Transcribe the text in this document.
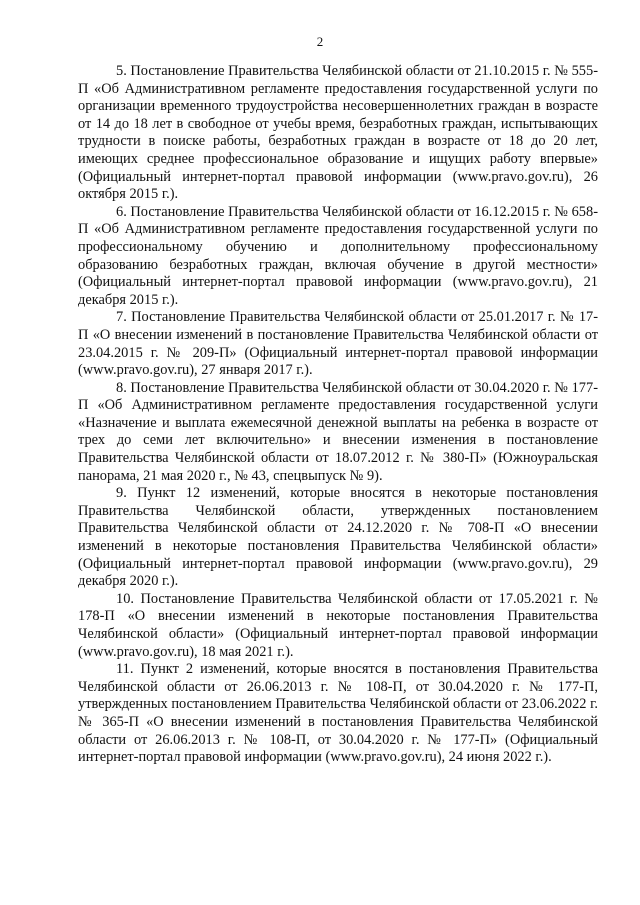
2

5. Постановление Правительства Челябинской области от 21.10.2015 г. № 555-П «Об Административном регламенте предоставления государственной услуги по организации временного трудоустройства несовершеннолетних граждан в возрасте от 14 до 18 лет в свободное от учебы время, безработных граждан, испытывающих трудности в поиске работы, безработных граждан в возрасте от 18 до 20 лет, имеющих среднее профессиональное образование и ищущих работу впервые» (Официальный интернет-портал правовой информации (www.pravo.gov.ru), 26 октября 2015 г.).

6. Постановление Правительства Челябинской области от 16.12.2015 г. № 658-П «Об Административном регламенте предоставления государственной услуги по профессиональному обучению и дополнительному профессиональному образованию безработных граждан, включая обучение в другой местности» (Официальный интернет-портал правовой информации (www.pravo.gov.ru), 21 декабря 2015 г.).

7. Постановление Правительства Челябинской области от 25.01.2017 г. № 17-П «О внесении изменений в постановление Правительства Челябинской области от 23.04.2015 г. № 209-П» (Официальный интернет-портал правовой информации (www.pravo.gov.ru), 27 января 2017 г.).

8. Постановление Правительства Челябинской области от 30.04.2020 г. № 177-П «Об Административном регламенте предоставления государственной услуги «Назначение и выплата ежемесячной денежной выплаты на ребенка в возрасте от трех до семи лет включительно» и внесении изменения в постановление Правительства Челябинской области от 18.07.2012 г. № 380-П» (Южноуральская панорама, 21 мая 2020 г., № 43, спецвыпуск № 9).

9. Пункт 12 изменений, которые вносятся в некоторые постановления Правительства Челябинской области, утвержденных постановлением Правительства Челябинской области от 24.12.2020 г. № 708-П «О внесении изменений в некоторые постановления Правительства Челябинской области» (Официальный интернет-портал правовой информации (www.pravo.gov.ru), 29 декабря 2020 г.).

10. Постановление Правительства Челябинской области от 17.05.2021 г. № 178-П «О внесении изменений в некоторые постановления Правительства Челябинской области» (Официальный интернет-портал правовой информации (www.pravo.gov.ru), 18 мая 2021 г.).

11. Пункт 2 изменений, которые вносятся в постановления Правительства Челябинской области от 26.06.2013 г. № 108-П, от 30.04.2020 г. № 177-П, утвержденных постановлением Правительства Челябинской области от 23.06.2022 г. № 365-П «О внесении изменений в постановления Правительства Челябинской области от 26.06.2013 г. № 108-П, от 30.04.2020 г. № 177-П» (Официальный интернет-портал правовой информации (www.pravo.gov.ru), 24 июня 2022 г.).
